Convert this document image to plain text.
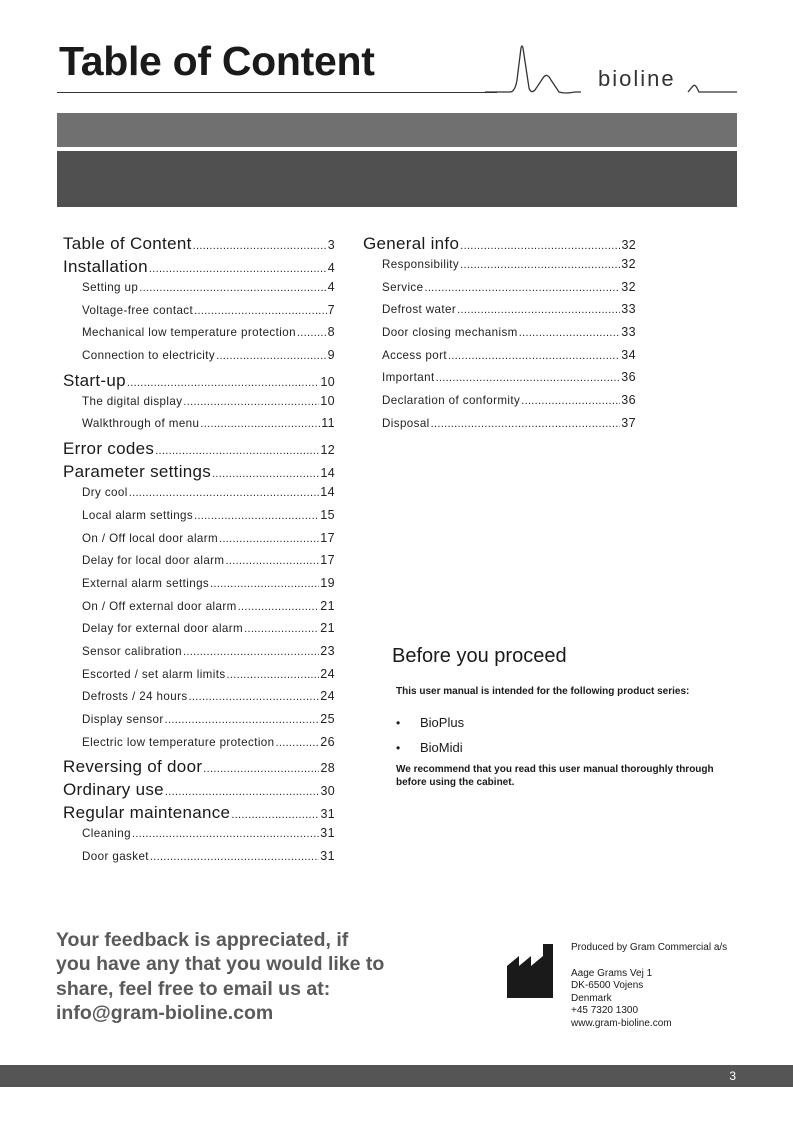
Table of Content	bioline
Table of Content .....	3
Installation .....	4
Setting up .....	4
Voltage-free contact .....	7
Mechanical low temperature protection .....	8
Connection to electricity .....	9
Start-up .....	10
The digital display .....	10
Walkthrough of menu .....	11
Error codes .....	12
Parameter settings .....	14
Dry cool .....	14
Local alarm settings .....	15
On / Off local door alarm .....	17
Delay for local door alarm .....	17
External alarm settings .....	19
On / Off external door alarm .....	21
Delay for external door alarm .....	21
Sensor calibration .....	23
Escorted / set alarm limits .....	24
Defrosts / 24 hours .....	24
Display sensor .....	25
Electric low temperature protection .....	26
Reversing of door .....	28
Ordinary use .....	30
Regular maintenance .....	31
Cleaning .....	31
Door gasket .....	31
General info .....	32
Responsibility .....	32
Service .....	32
Defrost water .....	33
Door closing mechanism .....	33
Access port .....	34
Important .....	36
Declaration of conformity .....	36
Disposal .....	37
Before you proceed
This user manual is intended for the following product series:
•	BioPlus
•	BioMidi
We recommend that you read this user manual thoroughly through before using the cabinet.
Your feedback is appreciated, if you have any that you would like to share, feel free to email us at: info@gram-bioline.com
Produced by Gram Commercial a/s
Aage Grams Vej 1
DK-6500 Vojens
Denmark
+45 7320 1300
www.gram-bioline.com
3
